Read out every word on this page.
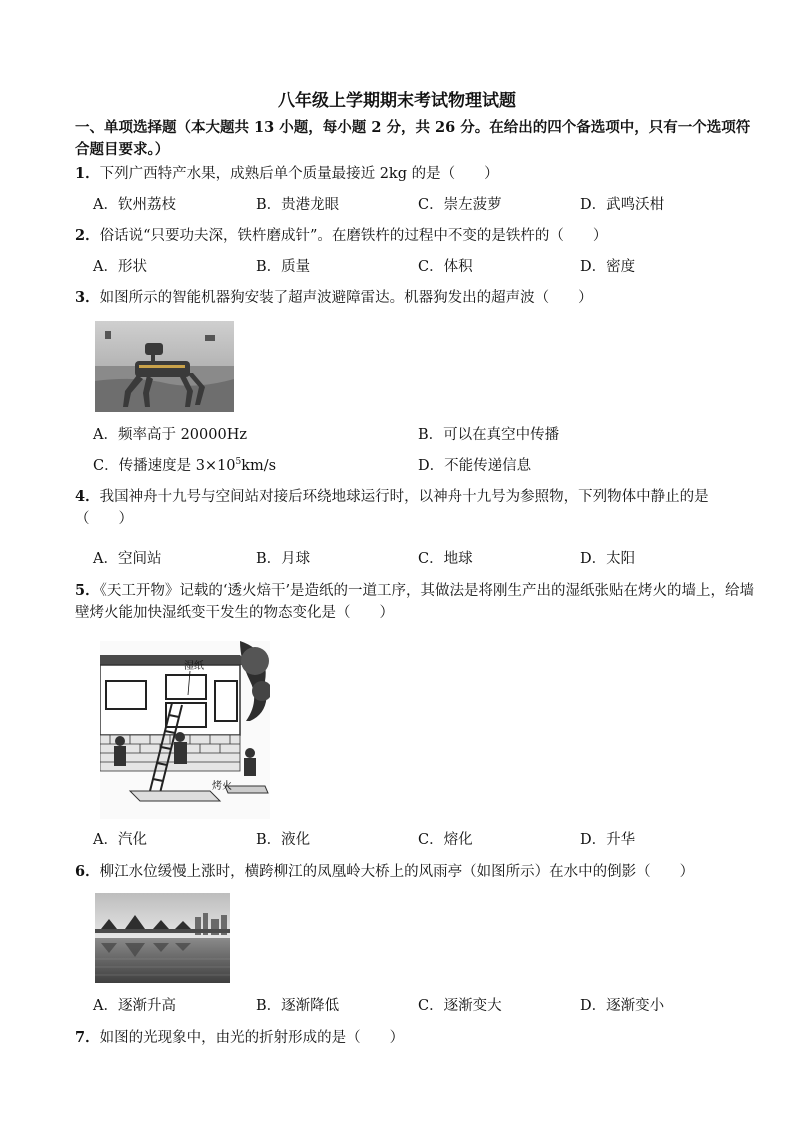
八年级上学期期末考试物理试题
一、单项选择题（本大题共 13 小题，每小题 2 分，共 26 分。在给出的四个备选项中，只有一个选项符合题目要求。）
1．下列广西特产水果，成熟后单个质量最接近 2kg 的是（　　）
A．钦州荔枝	B．贵港龙眼	C．崇左菠萝	D．武鸣沃柑
2．俗话说“只要功夫深，铁杵磨成针”。在磨铁杵的过程中不变的是铁杵的（　　）
A．形状	B．质量	C．体积	D．密度
3．如图所示的智能机器狗安装了超声波避障雷达。机器狗发出的超声波（　　）
A．频率高于 20000Hz	B．可以在真空中传播
C．传播速度是 $3\times 10^5km/s$	D．不能传递信息
4．我国神舟十九号与空间站对接后环绕地球运行时，以神舟十九号为参照物，下列物体中静止的是（　　）
A．空间站	B．月球	C．地球	D．太阳
5．《天工开物》记载的‘透火焙干’是造纸的一道工序，其做法是将刚生产出的湿纸张贴在烤火的墙上，给墙壁烤火能加快湿纸变干发生的物态变化是（　　）
湿纸
烤火
A．汽化	B．液化	C．熔化	D．升华
6．柳江水位缓慢上涨时，横跨柳江的凤凰岭大桥上的风雨亭（如图所示）在水中的倒影（　　）
A．逐渐升高	B．逐渐降低	C．逐渐变大	D．逐渐变小
7．如图的光现象中，由光的折射形成的是（　　）
